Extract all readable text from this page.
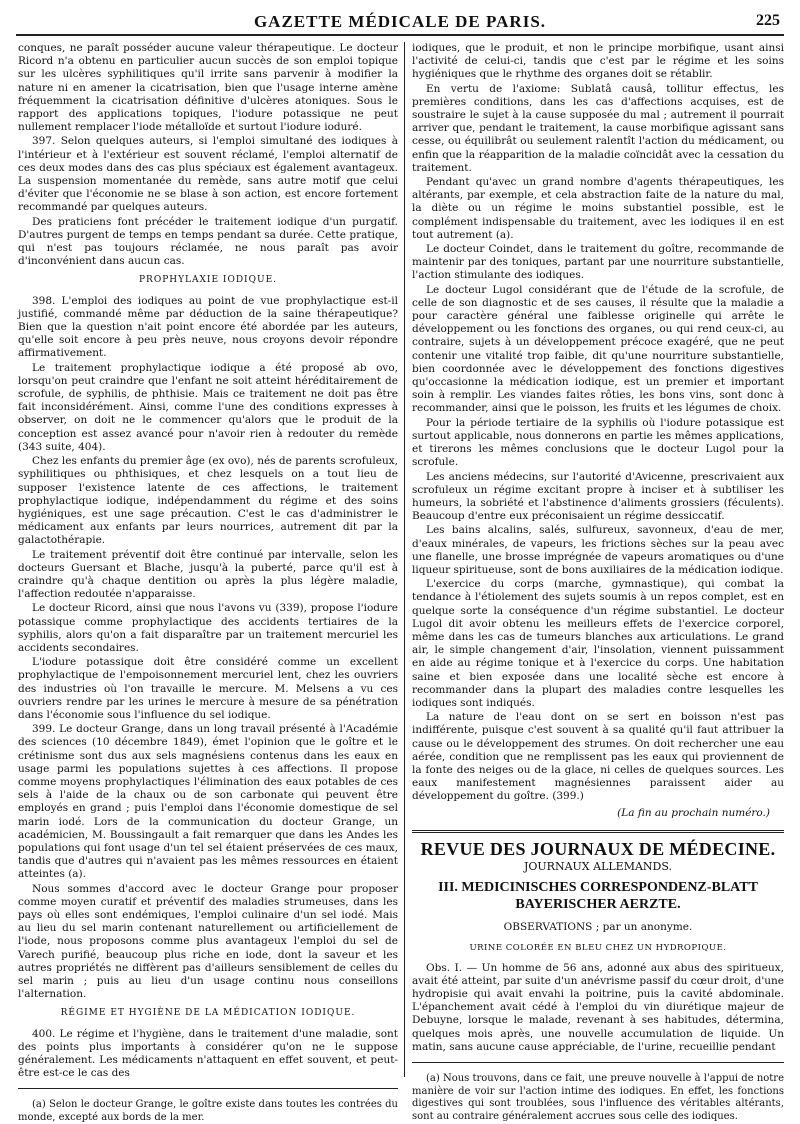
GAZETTE MÉDICALE DE PARIS.	225

conques, ne paraît posséder aucune valeur thérapeutique. Le docteur Ricord n'a obtenu en particulier aucun succès de son emploi topique sur les ulcères syphilitiques qu'il irrite sans parvenir à modifier la nature ni en amener la cicatrisation, bien que l'usage interne amène fréquemment la cicatrisation définitive d'ulcères atoniques. Sous le rapport des applications topiques, l'iodure potassique ne peut nullement remplacer l'iode métalloïde et surtout l'iodure ioduré.

397. Selon quelques auteurs, si l'emploi simultané des iodiques à l'intérieur et à l'extérieur est souvent réclamé, l'emploi alternatif de ces deux modes dans des cas plus spéciaux est également avantageux. La suspension momentanée du remède, sans autre motif que celui d'éviter que l'économie ne se blase à son action, est encore fortement recommandé par quelques auteurs.

Des praticiens font précéder le traitement iodique d'un purgatif. D'autres purgent de temps en temps pendant sa durée. Cette pratique, qui n'est pas toujours réclamée, ne nous paraît pas avoir d'inconvénient dans aucun cas.

PROPHYLAXIE IODIQUE.

398. L'emploi des iodiques au point de vue prophylactique est-il justifié, commandé même par déduction de la saine thérapeutique? Bien que la question n'ait point encore été abordée par les auteurs, qu'elle soit encore à peu près neuve, nous croyons devoir répondre affirmativement.

Le traitement prophylactique iodique a été proposé ab ovo, lorsqu'on peut craindre que l'enfant ne soit atteint héréditairement de scrofule, de syphilis, de phthisie. Mais ce traitement ne doit pas être fait inconsidérément. Ainsi, comme l'une des conditions expresses à observer, on doit ne le commencer qu'alors que le produit de la conception est assez avancé pour n'avoir rien à redouter du remède (343 suite, 404).

Chez les enfants du premier âge (ex ovo), nés de parents scrofuleux, syphilitiques ou phthisiques, et chez lesquels on a tout lieu de supposer l'existence latente de ces affections, le traitement prophylactique iodique, indépendamment du régime et des soins hygiéniques, est une sage précaution. C'est le cas d'administrer le médicament aux enfants par leurs nourrices, autrement dit par la galactothérapie.

Le traitement préventif doit être continué par intervalle, selon les docteurs Guersant et Blache, jusqu'à la puberté, parce qu'il est à craindre qu'à chaque dentition ou après la plus légère maladie, l'affection redoutée n'apparaisse.

Le docteur Ricord, ainsi que nous l'avons vu (339), propose l'iodure potassique comme prophylactique des accidents tertiaires de la syphilis, alors qu'on a fait disparaître par un traitement mercuriel les accidents secondaires.

L'iodure potassique doit être considéré comme un excellent prophylactique de l'empoisonnement mercuriel lent, chez les ouvriers des industries où l'on travaille le mercure. M. Melsens a vu ces ouvriers rendre par les urines le mercure à mesure de sa pénétration dans l'économie sous l'influence du sel iodique.

399. Le docteur Grange, dans un long travail présenté à l'Académie des sciences (10 décembre 1849), émet l'opinion que le goître et le crétinisme sont dus aux sels magnésiens contenus dans les eaux en usage parmi les populations sujettes à ces affections. Il propose comme moyens prophylactiques l'élimination des eaux potables de ces sels à l'aide de la chaux ou de son carbonate qui peuvent être employés en grand ; puis l'emploi dans l'économie domestique de sel marin iodé. Lors de la communication du docteur Grange, un académicien, M. Boussingault a fait remarquer que dans les Andes les populations qui font usage d'un tel sel étaient préservées de ces maux, tandis que d'autres qui n'avaient pas les mêmes ressources en étaient atteintes (a).

Nous sommes d'accord avec le docteur Grange pour proposer comme moyen curatif et préventif des maladies strumeuses, dans les pays où elles sont endémiques, l'emploi culinaire d'un sel iodé. Mais au lieu du sel marin contenant naturellement ou artificiellement de l'iode, nous proposons comme plus avantageux l'emploi du sel de Varech purifié, beaucoup plus riche en iode, dont la saveur et les autres propriétés ne diffèrent pas d'ailleurs sensiblement de celles du sel marin ; puis au lieu d'un usage continu nous conseillons l'alternation.

RÉGIME ET HYGIÈNE DE LA MÉDICATION IODIQUE.

400. Le régime et l'hygiène, dans le traitement d'une maladie, sont des points plus importants à considérer qu'on ne le suppose généralement. Les médicaments n'attaquent en effet souvent, et peut-être est-ce le cas des

(a) Selon le docteur Grange, le goître existe dans toutes les contrées du monde, excepté aux bords de la mer.

iodiques, que le produit, et non le principe morbifique, usant ainsi l'activité de celui-ci, tandis que c'est par le régime et les soins hygiéniques que le rhythme des organes doit se rétablir.

En vertu de l'axiome: Sublatâ causâ, tollitur effectus, les premières conditions, dans les cas d'affections acquises, est de soustraire le sujet à la cause supposée du mal ; autrement il pourrait arriver que, pendant le traitement, la cause morbifique agissant sans cesse, ou équilibrât ou seulement ralentît l'action du médicament, ou enfin que la réapparition de la maladie coïncidât avec la cessation du traitement.

Pendant qu'avec un grand nombre d'agents thérapeutiques, les altérants, par exemple, et cela abstraction faite de la nature du mal, la diète ou un régime le moins substantiel possible, est le complément indispensable du traitement, avec les iodiques il en est tout autrement (a).

Le docteur Coindet, dans le traitement du goître, recommande de maintenir par des toniques, partant par une nourriture substantielle, l'action stimulante des iodiques.

Le docteur Lugol considérant que de l'étude de la scrofule, de celle de son diagnostic et de ses causes, il résulte que la maladie a pour caractère général une faiblesse originelle qui arrête le développement ou les fonctions des organes, ou qui rend ceux-ci, au contraire, sujets à un développement précoce exagéré, que ne peut contenir une vitalité trop faible, dit qu'une nourriture substantielle, bien coordonnée avec le développement des fonctions digestives qu'occasionne la médication iodique, est un premier et important soin à remplir. Les viandes faites rôties, les bons vins, sont donc à recommander, ainsi que le poisson, les fruits et les légumes de choix.

Pour la période tertiaire de la syphilis où l'iodure potassique est surtout applicable, nous donnerons en partie les mêmes applications, et tirerons les mêmes conclusions que le docteur Lugol pour la scrofule.

Les anciens médecins, sur l'autorité d'Avicenne, prescrivaient aux scrofuleux un régime excitant propre à inciser et à subtiliser les humeurs, la sobriété et l'abstinence d'aliments grossiers (féculents). Beaucoup d'entre eux préconisaient un régime dessiccatif.

Les bains alcalins, salés, sulfureux, savonneux, d'eau de mer, d'eaux minérales, de vapeurs, les frictions sèches sur la peau avec une flanelle, une brosse imprégnée de vapeurs aromatiques ou d'une liqueur spiritueuse, sont de bons auxiliaires de la médication iodique.

L'exercice du corps (marche, gymnastique), qui combat la tendance à l'étiolement des sujets soumis à un repos complet, est en quelque sorte la conséquence d'un régime substantiel. Le docteur Lugol dit avoir obtenu les meilleurs effets de l'exercice corporel, même dans les cas de tumeurs blanches aux articulations. Le grand air, le simple changement d'air, l'insolation, viennent puissamment en aide au régime tonique et à l'exercice du corps. Une habitation saine et bien exposée dans une localité sèche est encore à recommander dans la plupart des maladies contre lesquelles les iodiques sont indiqués.

La nature de l'eau dont on se sert en boisson n'est pas indifférente, puisque c'est souvent à sa qualité qu'il faut attribuer la cause ou le développement des strumes. On doit rechercher une eau aérée, condition que ne remplissent pas les eaux qui proviennent de la fonte des neiges ou de la glace, ni celles de quelques sources. Les eaux manifestement magnésiennes paraissent aider au développement du goître. (399.)

(La fin au prochain numéro.)
REVUE DES JOURNAUX DE MÉDECINE.
JOURNAUX ALLEMANDS.
III. MEDICINISCHES CORRESPONDENZ-BLATT BAYERISCHER AERZTE.
OBSERVATIONS ; par un anonyme.
URINE COLORÉE EN BLEU CHEZ UN HYDROPIQUE.

Obs. I. — Un homme de 56 ans, adonné aux abus des spiritueux, avait été atteint, par suite d'un anévrisme passif du cœur droit, d'une hydropisie qui avait envahi la poitrine, puis la cavité abdominale. L'épanchement avait cédé à l'emploi du vin diurétique majeur de Debuyne, lorsque le malade, revenant à ses habitudes, détermina, quelques mois après, une nouvelle accumulation de liquide. Un matin, sans aucune cause appréciable, de l'urine, recueillie pendant

(a) Nous trouvons, dans ce fait, une preuve nouvelle à l'appui de notre manière de voir sur l'action intime des iodiques. En effet, les fonctions digestives qui sont troublées, sous l'influence des véritables altérants, sont au contraire généralement accrues sous celle des iodiques.
